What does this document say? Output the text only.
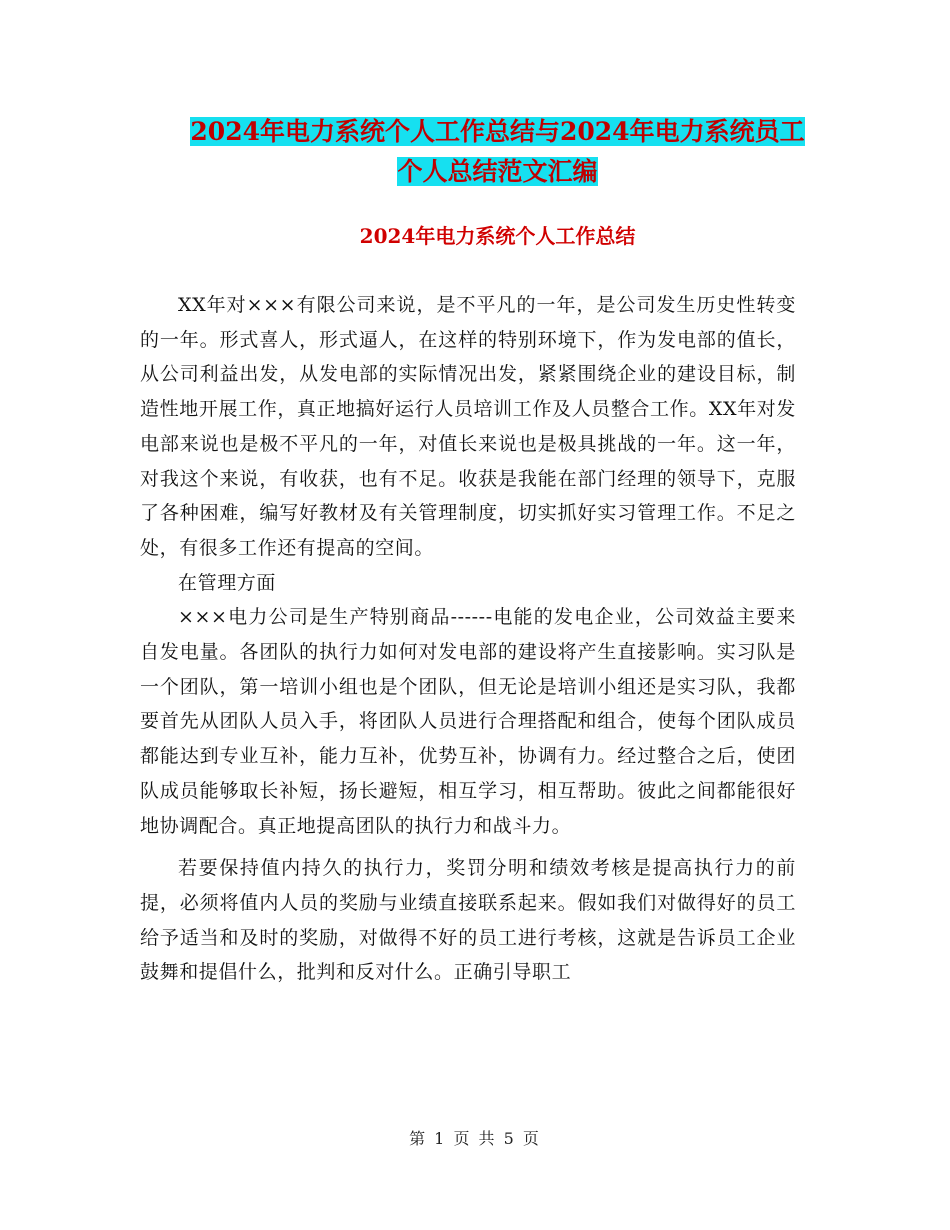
2024年电力系统个人工作总结与2024年电力系统员工
个人总结范文汇编
2024年电力系统个人工作总结

XX年对×××有限公司来说，是不平凡的一年，是公司发生历史性转变的一年。形式喜人，形式逼人，在这样的特别环境下，作为发电部的值长，从公司利益出发，从发电部的实际情况出发，紧紧围绕企业的建设目标，制造性地开展工作，真正地搞好运行人员培训工作及人员整合工作。XX年对发电部来说也是极不平凡的一年，对值长来说也是极具挑战的一年。这一年，对我这个来说，有收获，也有不足。收获是我能在部门经理的领导下，克服了各种困难，编写好教材及有关管理制度，切实抓好实习管理工作。不足之处，有很多工作还有提高的空间。

在管理方面

×××电力公司是生产特别商品------电能的发电企业，公司效益主要来自发电量。各团队的执行力如何对发电部的建设将产生直接影响。实习队是一个团队，第一培训小组也是个团队，但无论是培训小组还是实习队，我都要首先从团队人员入手，将团队人员进行合理搭配和组合，使每个团队成员都能达到专业互补，能力互补，优势互补，协调有力。经过整合之后，使团队成员能够取长补短，扬长避短，相互学习，相互帮助。彼此之间都能很好地协调配合。真正地提高团队的执行力和战斗力。

若要保持值内持久的执行力，奖罚分明和绩效考核是提高执行力的前提，必须将值内人员的奖励与业绩直接联系起来。假如我们对做得好的员工给予适当和及时的奖励，对做得不好的员工进行考核，这就是告诉员工企业鼓舞和提倡什么，批判和反对什么。正确引导职工

第 1 页 共 5 页
